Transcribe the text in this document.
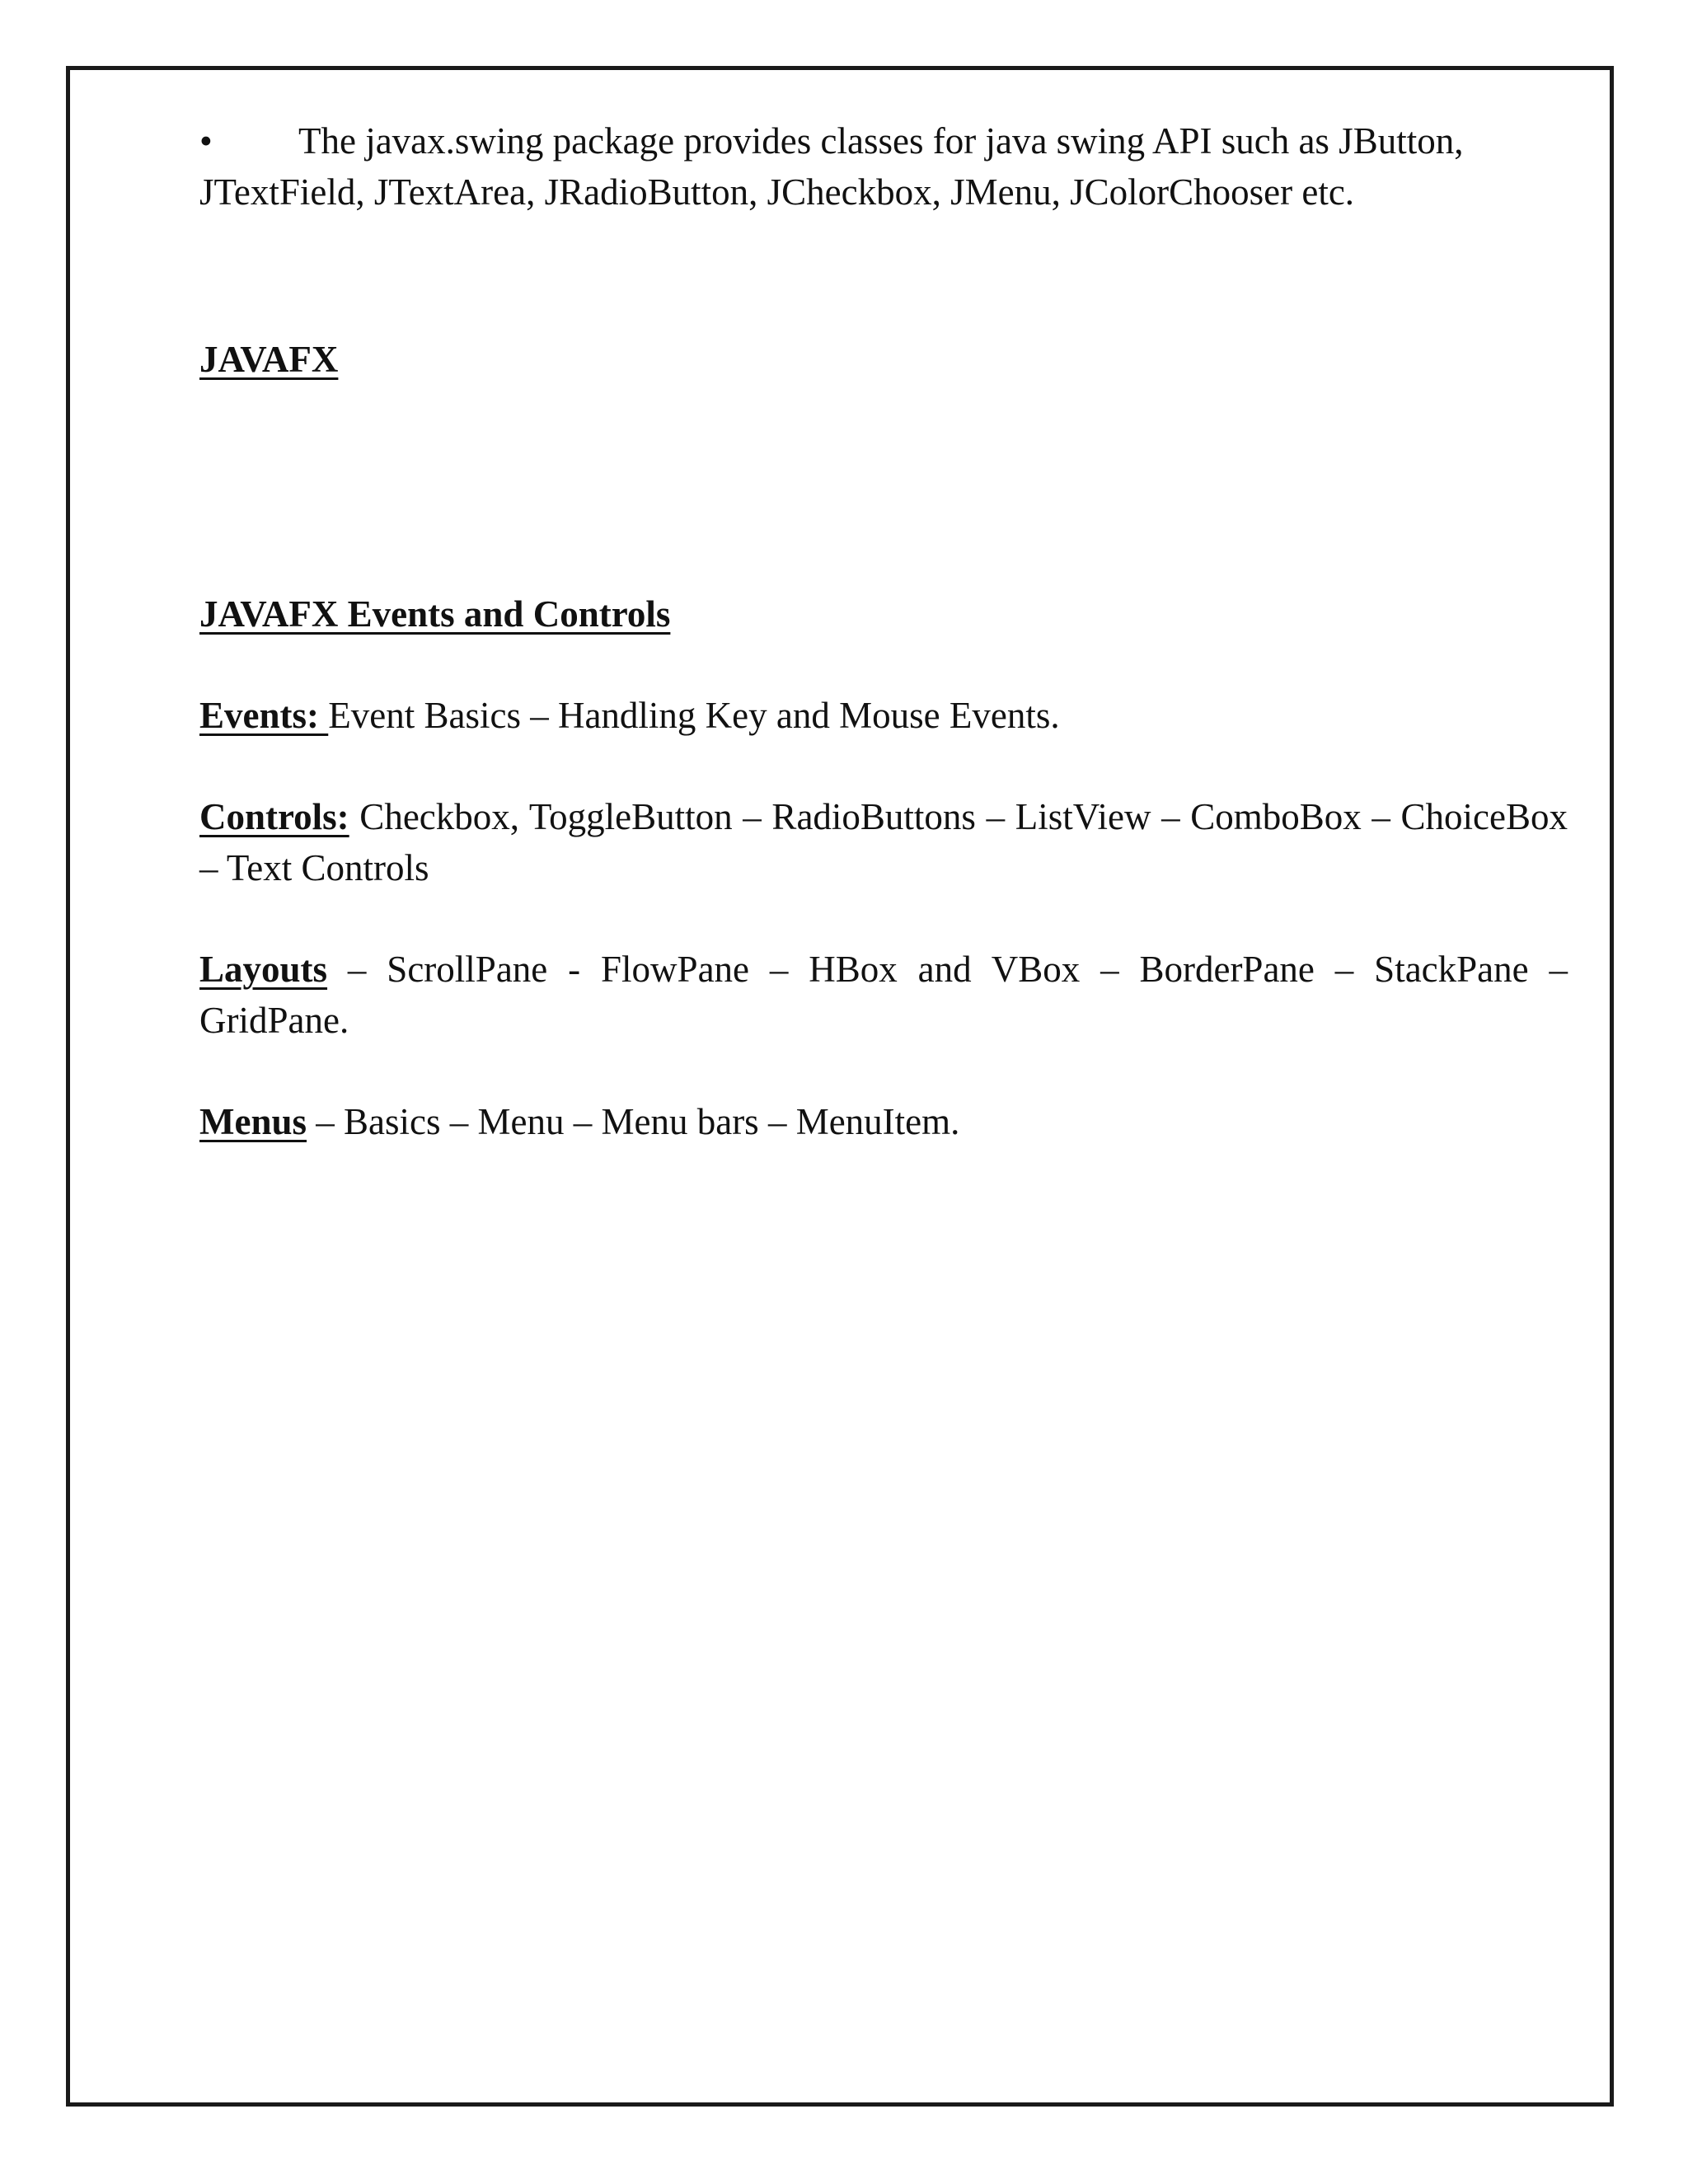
• The javax.swing package provides classes for java swing API such as JButton, JTextField, JTextArea, JRadioButton, JCheckbox, JMenu, JColorChooser etc.

JAVAFX

JAVAFX Events and Controls

Events: Event Basics – Handling Key and Mouse Events.

Controls: Checkbox, ToggleButton – RadioButtons – ListView – ComboBox – ChoiceBox – Text Controls

Layouts – ScrollPane - FlowPane – HBox and VBox – BorderPane – StackPane – GridPane.

Menus – Basics – Menu – Menu bars – MenuItem.
